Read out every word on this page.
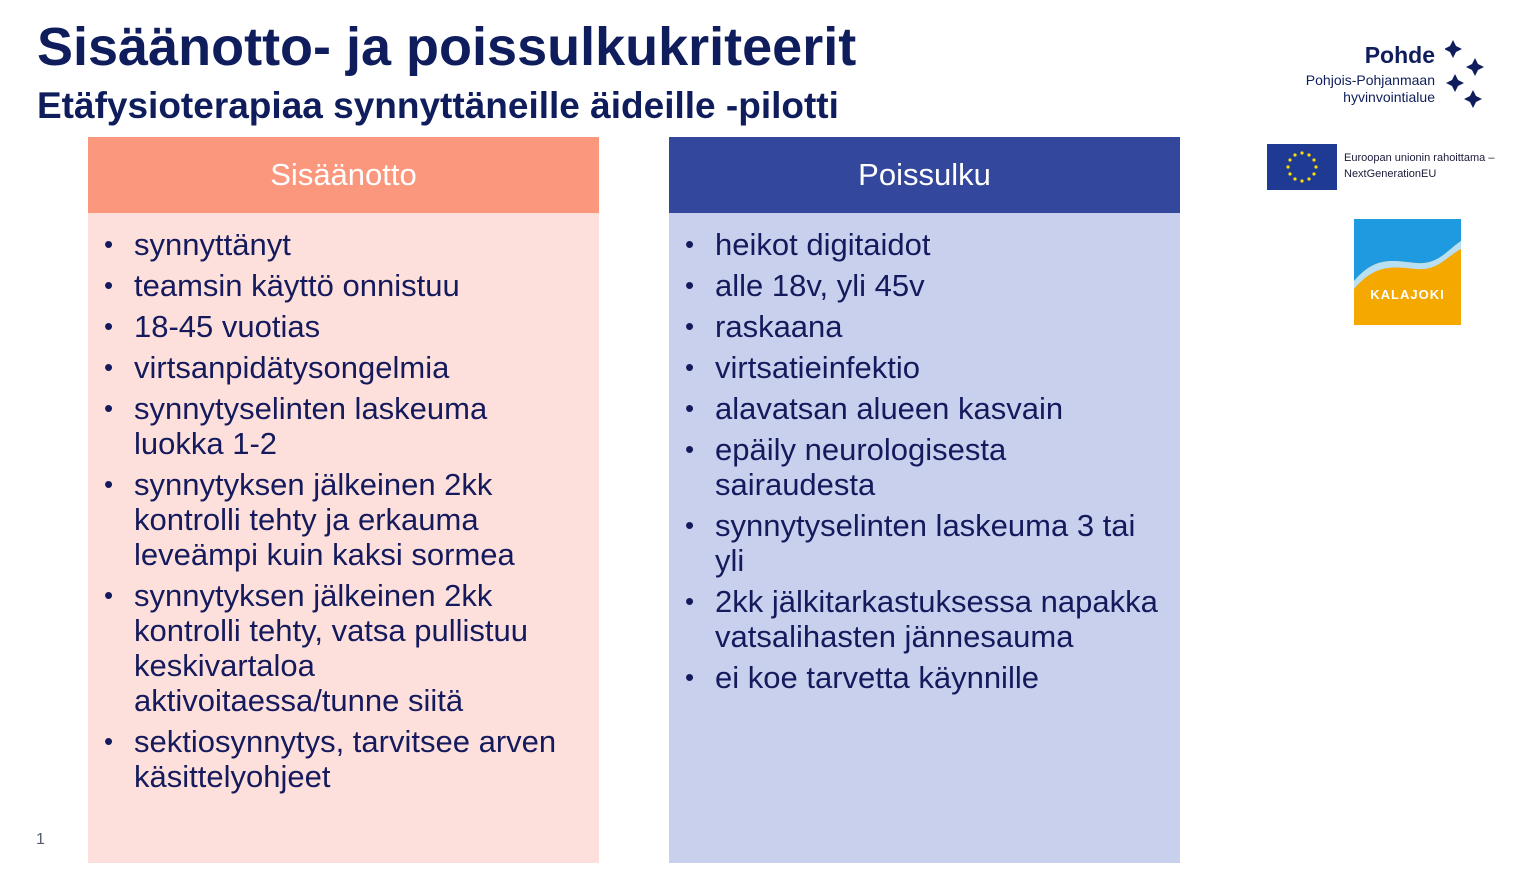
Sisäänotto- ja poissulkukriteerit
Etäfysioterapiaa synnyttäneille äideille -pilotti
Sisäänotto
• synnyttänyt
• teamsin käyttö onnistuu
• 18-45 vuotias
• virtsanpidätysongelmia
• synnytyselinten laskeuma luokka 1-2
• synnytyksen jälkeinen 2kk kontrolli tehty ja erkauma leveämpi kuin kaksi sormea
• synnytyksen jälkeinen 2kk kontrolli tehty, vatsa pullistuu keskivartaloa aktivoitaessa/tunne siitä
• sektiosynnytys, tarvitsee arven käsittelyohjeet
Poissulku
• heikot digitaidot
• alle 18v, yli 45v
• raskaana
• virtsatieinfektio
• alavatsan alueen kasvain
• epäily neurologisesta sairaudesta
• synnytyselinten laskeuma 3 tai yli
• 2kk jälkitarkastuksessa napakka vatsalihasten jännesauma
• ei koe tarvetta käynnille
1
Pohde
Pohjois-Pohjanmaan
hyvinvointialue
Euroopan unionin rahoittama –
NextGenerationEU
KALAJOKI
